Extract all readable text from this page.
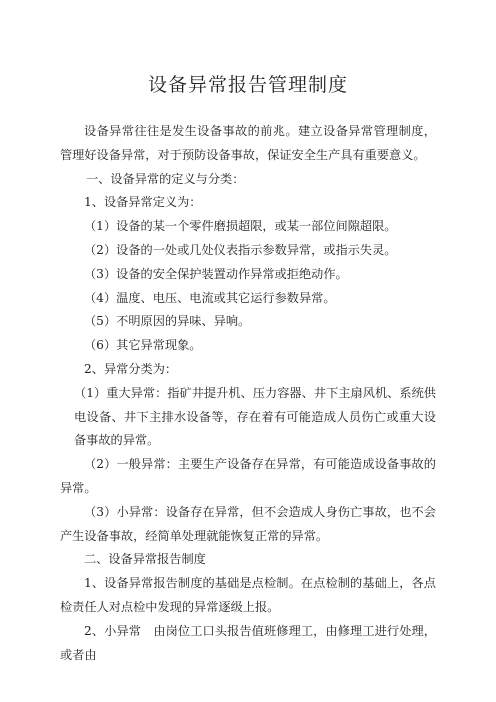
设备异常报告管理制度

设备异常往往是发生设备事故的前兆。建立设备异常管理制度，管理好设备异常，对于预防设备事故，保证安全生产具有重要意义。

一、设备异常的定义与分类：

1、设备异常定义为：

（1）设备的某一个零件磨损超限，或某一部位间隙超限。

（2）设备的一处或几处仪表指示参数异常，或指示失灵。

（3）设备的安全保护装置动作异常或拒绝动作。

（4）温度、电压、电流或其它运行参数异常。

（5）不明原因的异味、异响。

（6）其它异常现象。

2、异常分类为：

（1）重大异常：指矿井提升机、压力容器、井下主扇风机、系统供电设备、井下主排水设备等，存在着有可能造成人员伤亡或重大设备事故的异常。

（2）一般异常：主要生产设备存在异常，有可能造成设备事故的异常。

（3）小异常：设备存在异常，但不会造成人身伤亡事故，也不会产生设备事故，经简单处理就能恢复正常的异常。

二、设备异常报告制度

1、设备异常报告制度的基础是点检制。在点检制的基础上，各点检责任人对点检中发现的异常逐级上报。

2、小异常　由岗位工口头报告值班修理工，由修理工进行处理，或者由
